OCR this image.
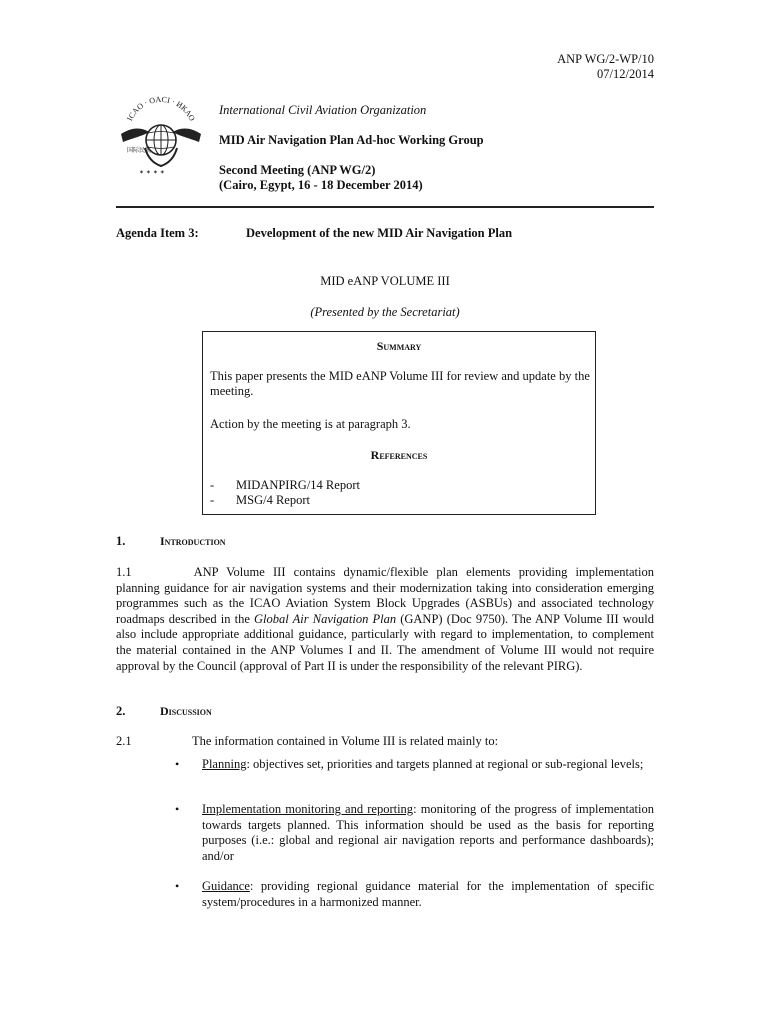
ANP WG/2-WP/10
07/12/2014
ICAO · OACI · ИКАО
国际民航
✶ ✶ ✶ ✶
International Civil Aviation Organization
MID Air Navigation Plan Ad-hoc Working Group
Second Meeting (ANP WG/2)
(Cairo, Egypt, 16 - 18 December 2014)
Agenda Item 3:	Development of the new MID Air Navigation Plan
MID eANP VOLUME III
(Presented by the Secretariat)
Summary

This paper presents the MID eANP Volume III for review and update by the meeting.

Action by the meeting is at paragraph 3.

References
- MIDANPIRG/14 Report
- MSG/4 Report
1.	Introduction
1.1	ANP Volume III contains dynamic/flexible plan elements providing implementation planning guidance for air navigation systems and their modernization taking into consideration emerging programmes such as the ICAO Aviation System Block Upgrades (ASBUs) and associated technology roadmaps described in the Global Air Navigation Plan (GANP) (Doc 9750). The ANP Volume III would also include appropriate additional guidance, particularly with regard to implementation, to complement the material contained in the ANP Volumes I and II. The amendment of Volume III would not require approval by the Council (approval of Part II is under the responsibility of the relevant PIRG).
2.	Discussion
2.1	The information contained in Volume III is related mainly to:
• Planning: objectives set, priorities and targets planned at regional or sub-regional levels;
• Implementation monitoring and reporting: monitoring of the progress of implementation towards targets planned. This information should be used as the basis for reporting purposes (i.e.: global and regional air navigation reports and performance dashboards); and/or
• Guidance: providing regional guidance material for the implementation of specific system/procedures in a harmonized manner.
